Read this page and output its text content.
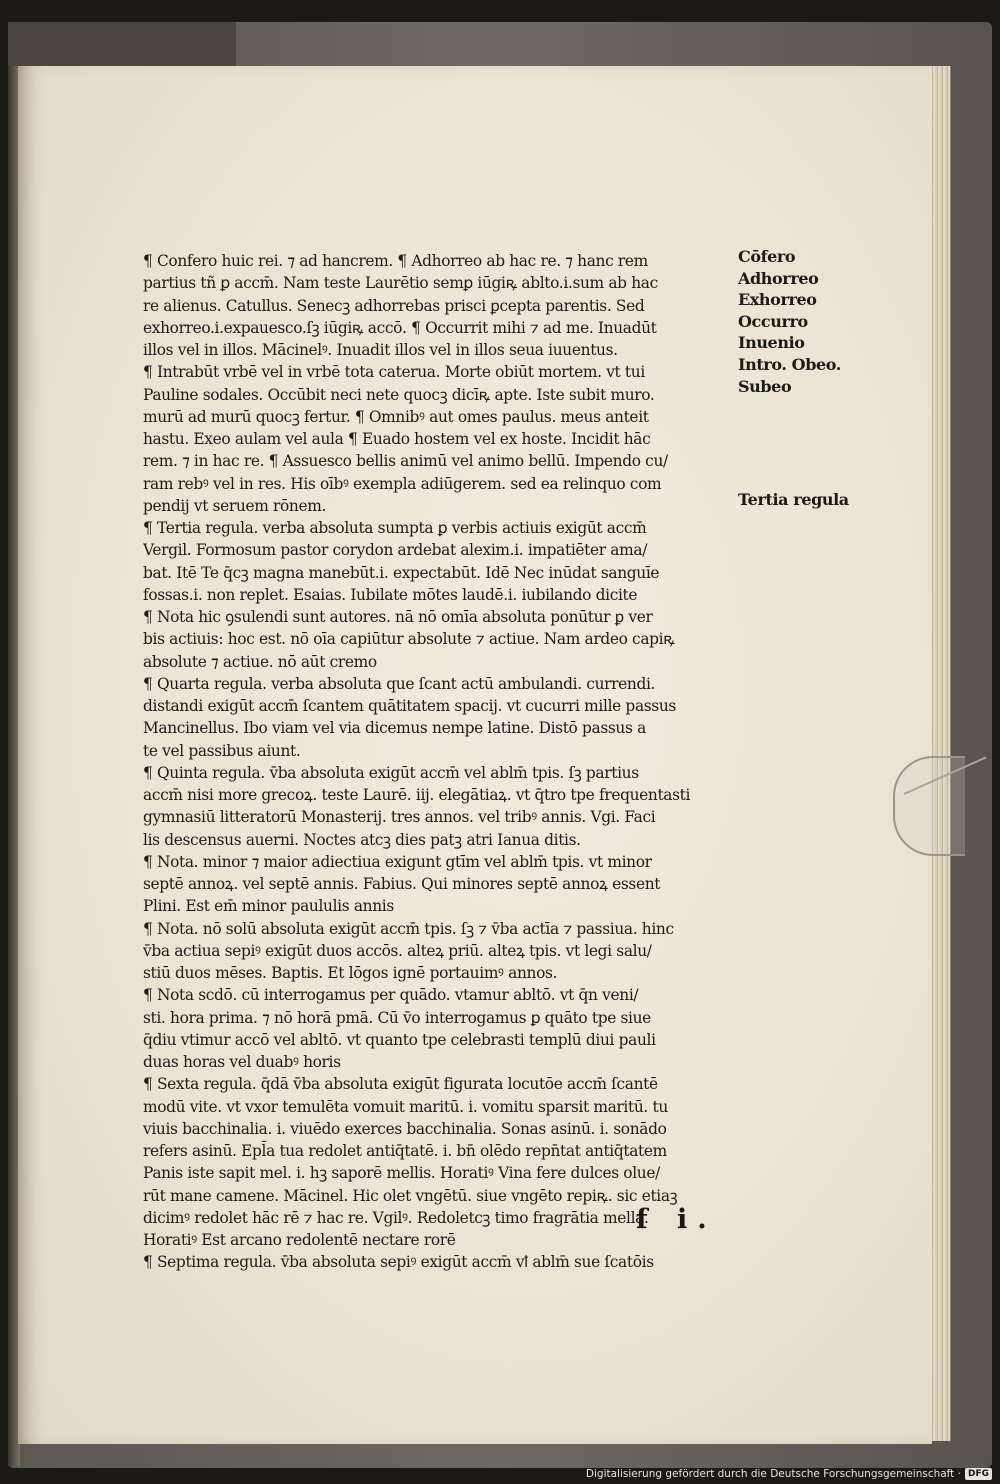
¶ Confero huic rei. ⁊ ad hancrem. ¶ Adhorreo ab hac re. ⁊ hanc rem
partius tñ ꝑ accm̄. Nam teste Laurētio semꝑ iūgiꝶ ablto.i.sum ab hac
re alienus. Catullus. Senecꝫ adhorrebas prisci ꝑcepta parentis. Sed
exhorreo.i.expauesco.ſꝫ iūgiꝶ accō. ¶ Occurrit mihi ⁊ ad me. Inuadūt
illos vel in illos. Mācinelꝰ. Inuadit illos vel in illos seua iuuentus.
¶ Intrabūt vrbē vel in vrbē tota caterua. Morte obiūt mortem. vt tui
Pauline sodales. Occūbit neci nete quocꝫ dicīꝶ apte. Iste subit muro.
murū ad murū quocꝫ fertur. ¶ Omnibꝰ aut omes paulus. meus anteit
hastu. Exeo aulam vel aula ¶ Euado hostem vel ex hoste. Incidit hāc
rem. ⁊ in hac re. ¶ Assuesco bellis animū vel animo bellū. Impendo cu/
ram rebꝰ vel in res. His oībꝰ exempla adiūgerem. sed ea relinquo com
pendij vt seruem rōnem.
¶ Tertia regula. verba absoluta sumpta ꝑ verbis actiuis exigūt accm̄
Vergil. Formosum pastor corydon ardebat alexim.i. impatiēter ama/
bat. Itē Te q̄cꝫ magna manebūt.i. expectabūt. Idē Nec inūdat sanguīe
fossas.i. non replet. Esaias. Iubilate mōtes laudē.i. iubilando dicite
¶ Nota hic ꝯsulendi sunt autores. nā nō omīa absoluta ponūtur ꝑ ver
bis actiuis: hoc est. nō oīa capiūtur absolute ⁊ actiue. Nam ardeo capiꝶ
absolute ⁊ actiue. nō aūt cremo
¶ Quarta regula. verba absoluta que ſcant actū ambulandi. currendi.
distandi exigūt accm̄ ſcantem quātitatem spacij. vt cucurri mille passus
Mancinellus. Ibo viam vel via dicemus nempe latine. Distō passus a
te vel passibus aiunt.
¶ Quinta regula. v̄ba absoluta exigūt accm̄ vel ablm̄ tpis. ſꝫ partius
accm̄ nisi more grecoꝝ. teste Laurē. iij. elegātiaꝝ. vt q̄tro tpe frequentasti
gymnasiū litteratorū Monasterij. tres annos. vel tribꝰ annis. Vgi. Faci
lis descensus auerni. Noctes atcꝫ dies patꝫ atri Ianua ditis.
¶ Nota. minor ⁊ maior adiectiua exigunt gtīm vel ablm̄ tpis. vt minor
septē annoꝝ. vel septē annis. Fabius. Qui minores septē annoꝝ essent
Plini. Est em̄ minor paululis annis
¶ Nota. nō solū absoluta exigūt accm̄ tpis. ſꝫ ⁊ v̄ba actīa ⁊ passiua. hinc
v̄ba actiua sepiꝰ exigūt duos accōs. alteꝝ priū. alteꝝ tpis. vt legi salu/
stiū duos mēses. Baptis. Et lōgos ignē portauimꝰ annos.
¶ Nota scdō. cū interrogamus per quādo. vtamur abltō. vt q̄n veni/
sti. hora prima. ⁊ nō horā pmā. Cū v̄o interrogamus ꝑ quāto tpe siue
q̄diu vtimur accō vel abltō. vt quanto tpe celebrasti templū diui pauli
duas horas vel duabꝰ horis
¶ Sexta regula. q̄dā v̄ba absoluta exigūt figurata locutōe accm̄ ſcantē
modū vite. vt vxor temulēta vomuit maritū. i. vomitu sparsit maritū. tu
viuis bacchinalia. i. viuēdo exerces bacchinalia. Sonas asinū. i. sonādo
refers asinū. Epl̄a tua redolet antiq̄tatē. i. bn̄ olēdo repn̄tat antiq̄tatem
Panis iste sapit mel. i. hꝫ saporē mellis. Horatiꝰ Vina fere dulces olue/
rūt mane camene. Mācinel. Hic olet vngētū. siue vngēto repiꝶ. sic etiaꝫ
dicimꝰ redolet hāc rē ⁊ hac re. Vgilꝰ. Redoletcꝫ timo fragrātia mella.
Horatiꝰ Est arcano redolentē nectare rorē
¶ Septima regula. v̄ba absoluta sepiꝰ exigūt accm̄ vꝉ ablm̄ sue ſcatōis
Cōfero
Adhorreo
Exhorreo
Occurro
Inuenio
Intro. Obeo.
Subeo
Tertia regula
f i.
Digitalisierung gefördert durch die Deutsche Forschungsgemeinschaft · DFG
